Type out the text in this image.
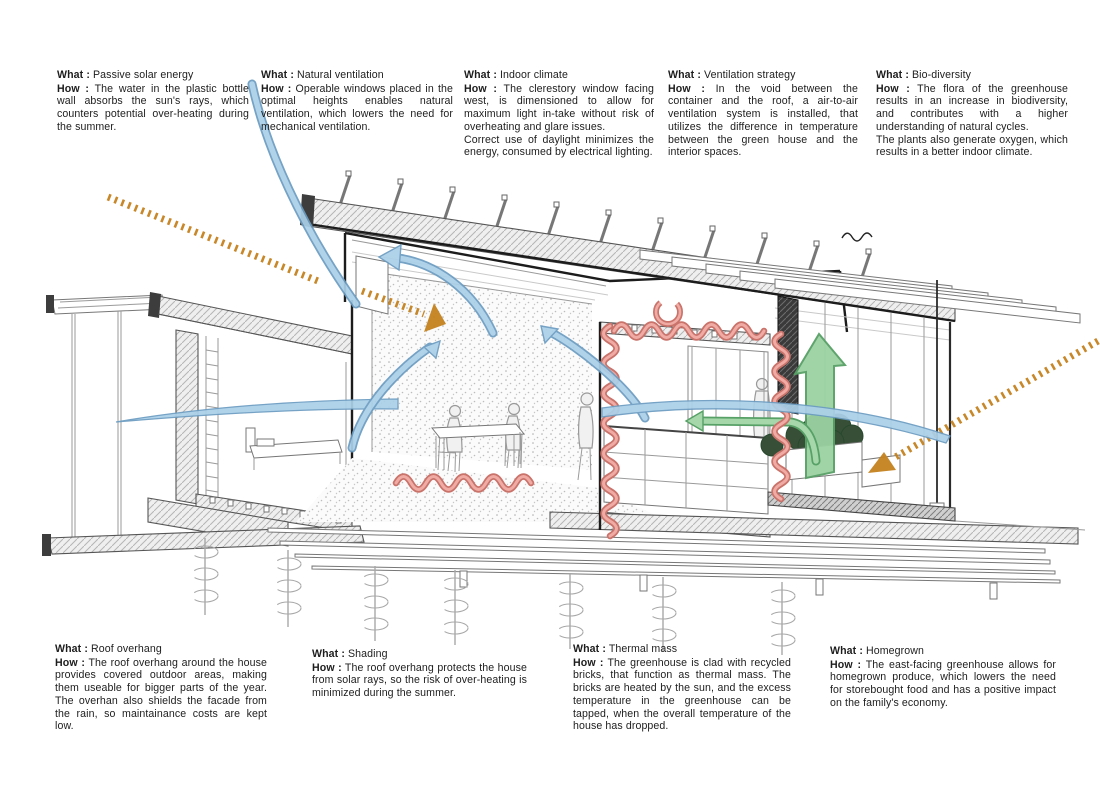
What : Passive solar energy

How : The water in the plastic bottle wall absorbs the sun's rays, which counters potential over-heating during the summer.

What : Natural ventilation

How : Operable windows placed in the optimal heights enables natural ventilation, which lowers the need for mechanical ventilation.

What : Indoor climate

How : The clerestory window facing west, is dimensioned to allow for maximum light in-take without risk of overheating and glare issues.

Correct use of daylight minimizes the energy, consumed by electrical lighting.

What : Ventilation strategy

How : In the void between the container and the roof, a air-to-air ventilation system is installed, that utilizes the difference in temperature between the green house and the interior spaces.

What : Bio-diversity

How : The flora of the greenhouse results in an increase in biodiversity, and contributes with a higher understanding of natural cycles.

The plants also generate oxygen, which results in a better indoor climate.

What : Roof overhang

How : The roof overhang around the house provides covered outdoor areas, making them useable for bigger parts of the year. The overhan also shields the facade from the rain, so maintainance costs are kept low.

What : Shading

How : The roof overhang protects the house from solar rays, so the risk of over-heating is minimized during the summer.

What : Thermal mass

How : The greenhouse is clad with recycled bricks, that function as thermal mass. The bricks are heated by the sun, and the excess temperature in the greenhouse can be tapped, when the overall temperature of the house has dropped.

What : Homegrown

How : The east-facing greenhouse allows for homegrown produce, which lowers the need for storebought food and has a positive impact on the family's economy.
